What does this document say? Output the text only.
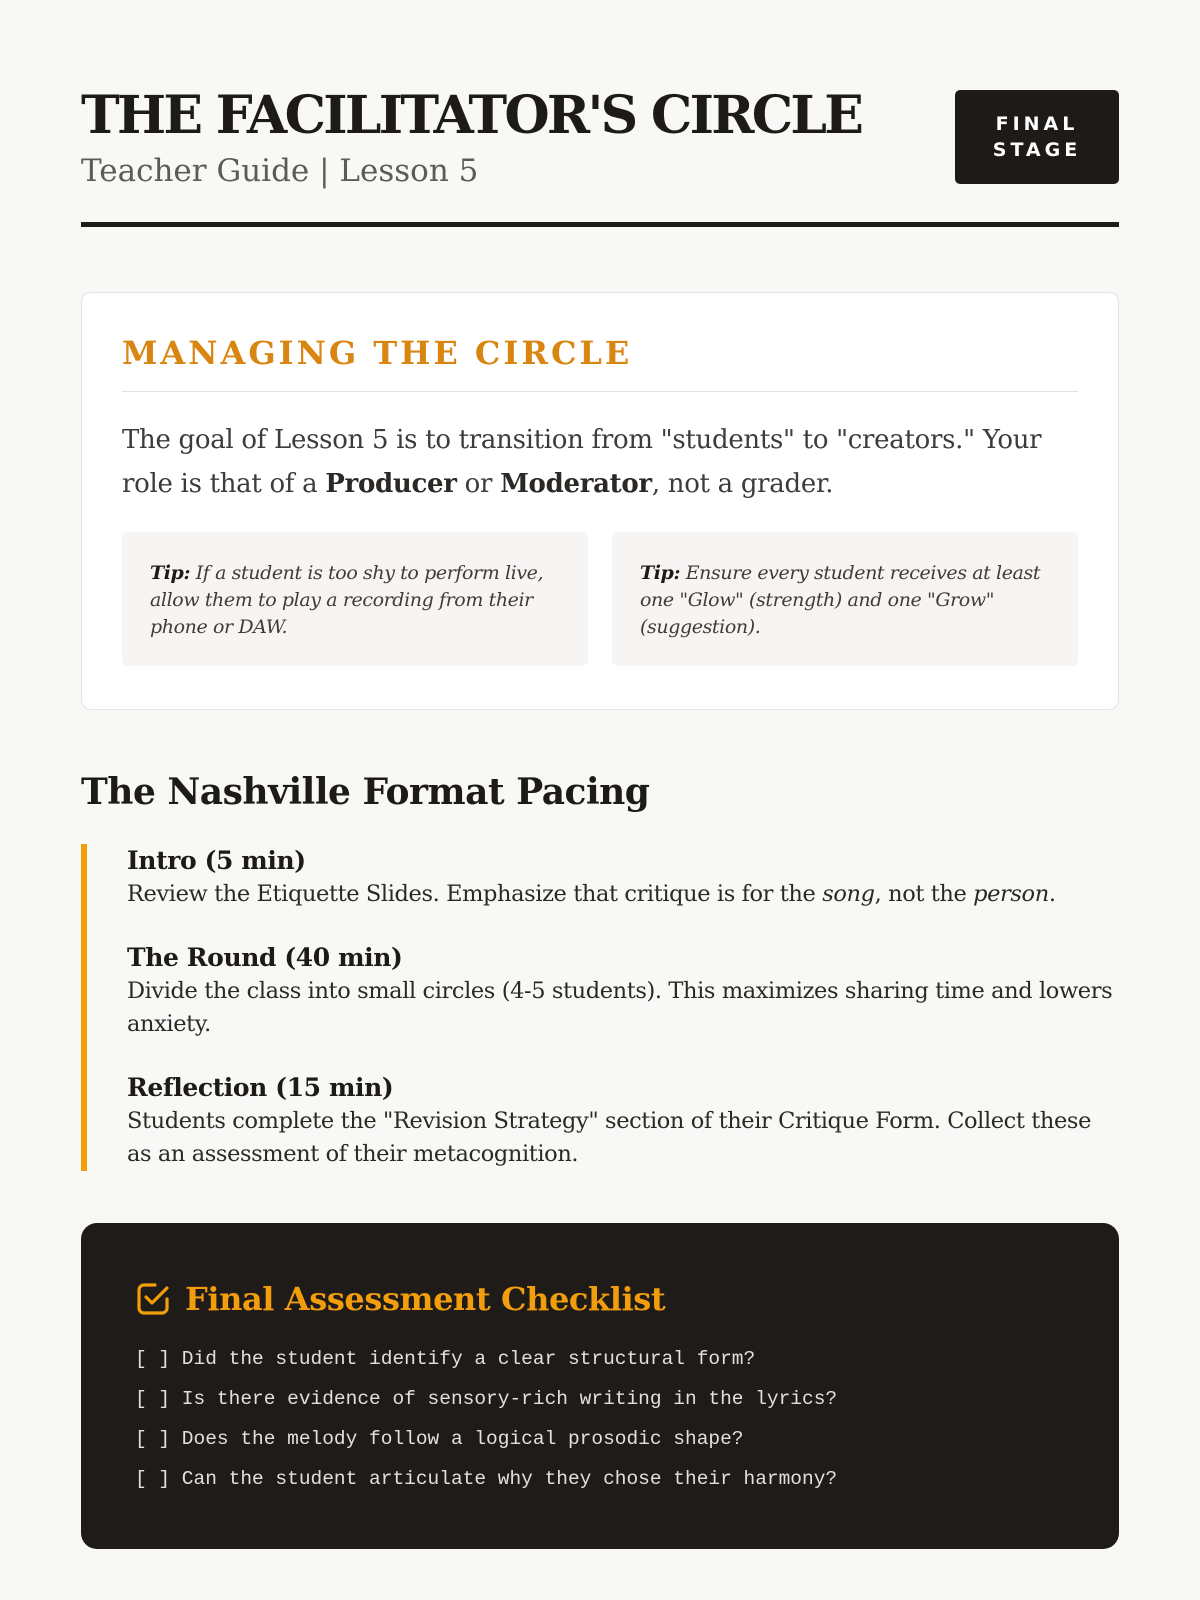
THE FACILITATOR'S CIRCLE
Teacher Guide | Lesson 5
FINAL
STAGE
MANAGING THE CIRCLE

The goal of Lesson 5 is to transition from "students" to "creators." Your role is that of a Producer or Moderator, not a grader.

Tip: If a student is too shy to perform live, allow them to play a recording from their phone or DAW.
Tip: Ensure every student receives at least one "Glow" (strength) and one "Grow" (suggestion).
The Nashville Format Pacing
Intro (5 min)
Review the Etiquette Slides. Emphasize that critique is for the song, not the person.
The Round (40 min)
Divide the class into small circles (4-5 students). This maximizes sharing time and lowers anxiety.
Reflection (15 min)
Students complete the "Revision Strategy" section of their Critique Form. Collect these as an assessment of their metacognition.
Final Assessment Checklist
[ ] Did the student identify a clear structural form?
[ ] Is there evidence of sensory-rich writing in the lyrics?
[ ] Does the melody follow a logical prosodic shape?
[ ] Can the student articulate why they chose their harmony?
